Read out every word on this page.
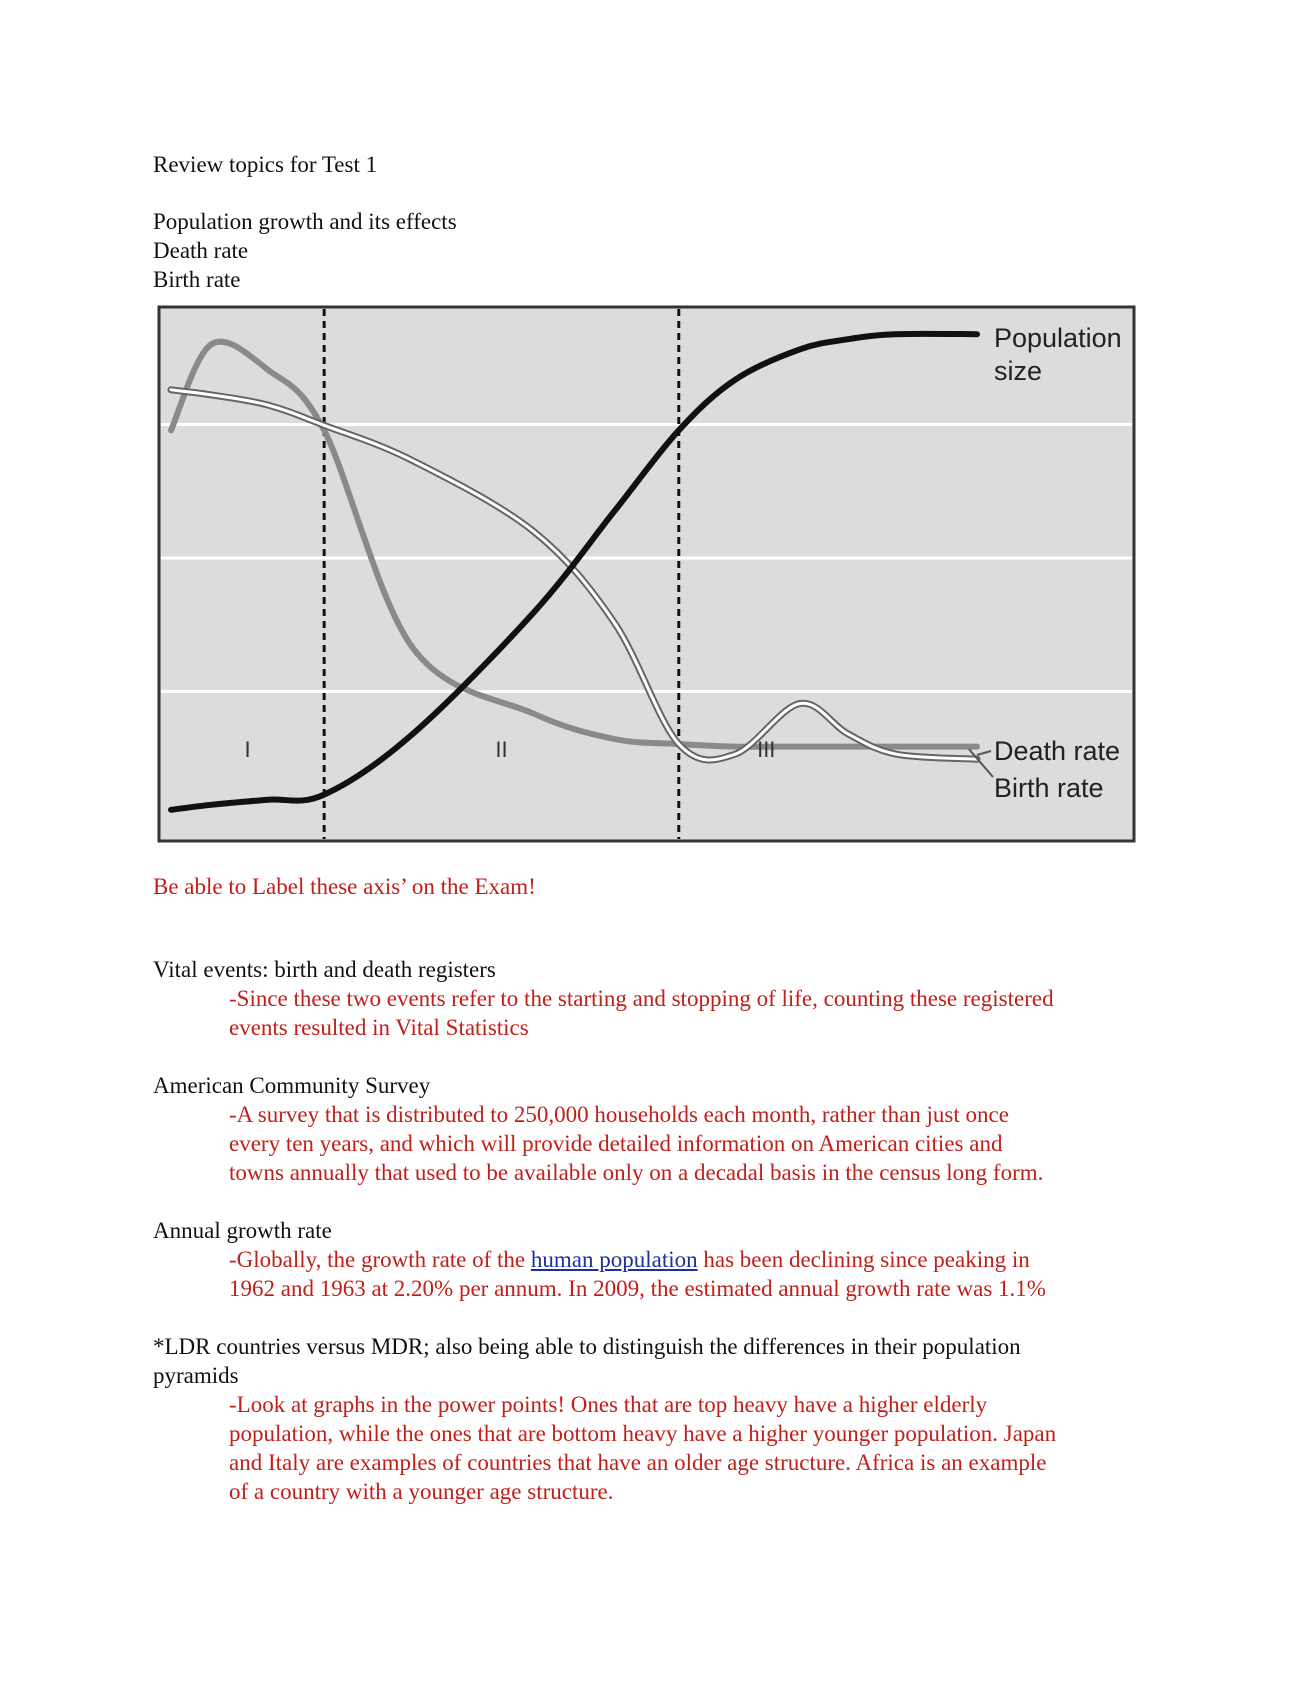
Review topics for Test 1
Population growth and its effects
Death rate
Birth rate
I	II	III
Population
size
Death rate
Birth rate
Be able to Label these axis’ on the Exam!
Vital events: birth and death registers
-Since these two events refer to the starting and stopping of life, counting these registered
events resulted in Vital Statistics
American Community Survey
-A survey that is distributed to 250,000 households each month, rather than just once
every ten years, and which will provide detailed information on American cities and
towns annually that used to be available only on a decadal basis in the census long form.
Annual growth rate
-Globally, the growth rate of the human population has been declining since peaking in
1962 and 1963 at 2.20% per annum. In 2009, the estimated annual growth rate was 1.1%
*LDR countries versus MDR; also being able to distinguish the differences in their population
pyramids
-Look at graphs in the power points! Ones that are top heavy have a higher elderly
population, while the ones that are bottom heavy have a higher younger population. Japan
and Italy are examples of countries that have an older age structure. Africa is an example
of a country with a younger age structure.
